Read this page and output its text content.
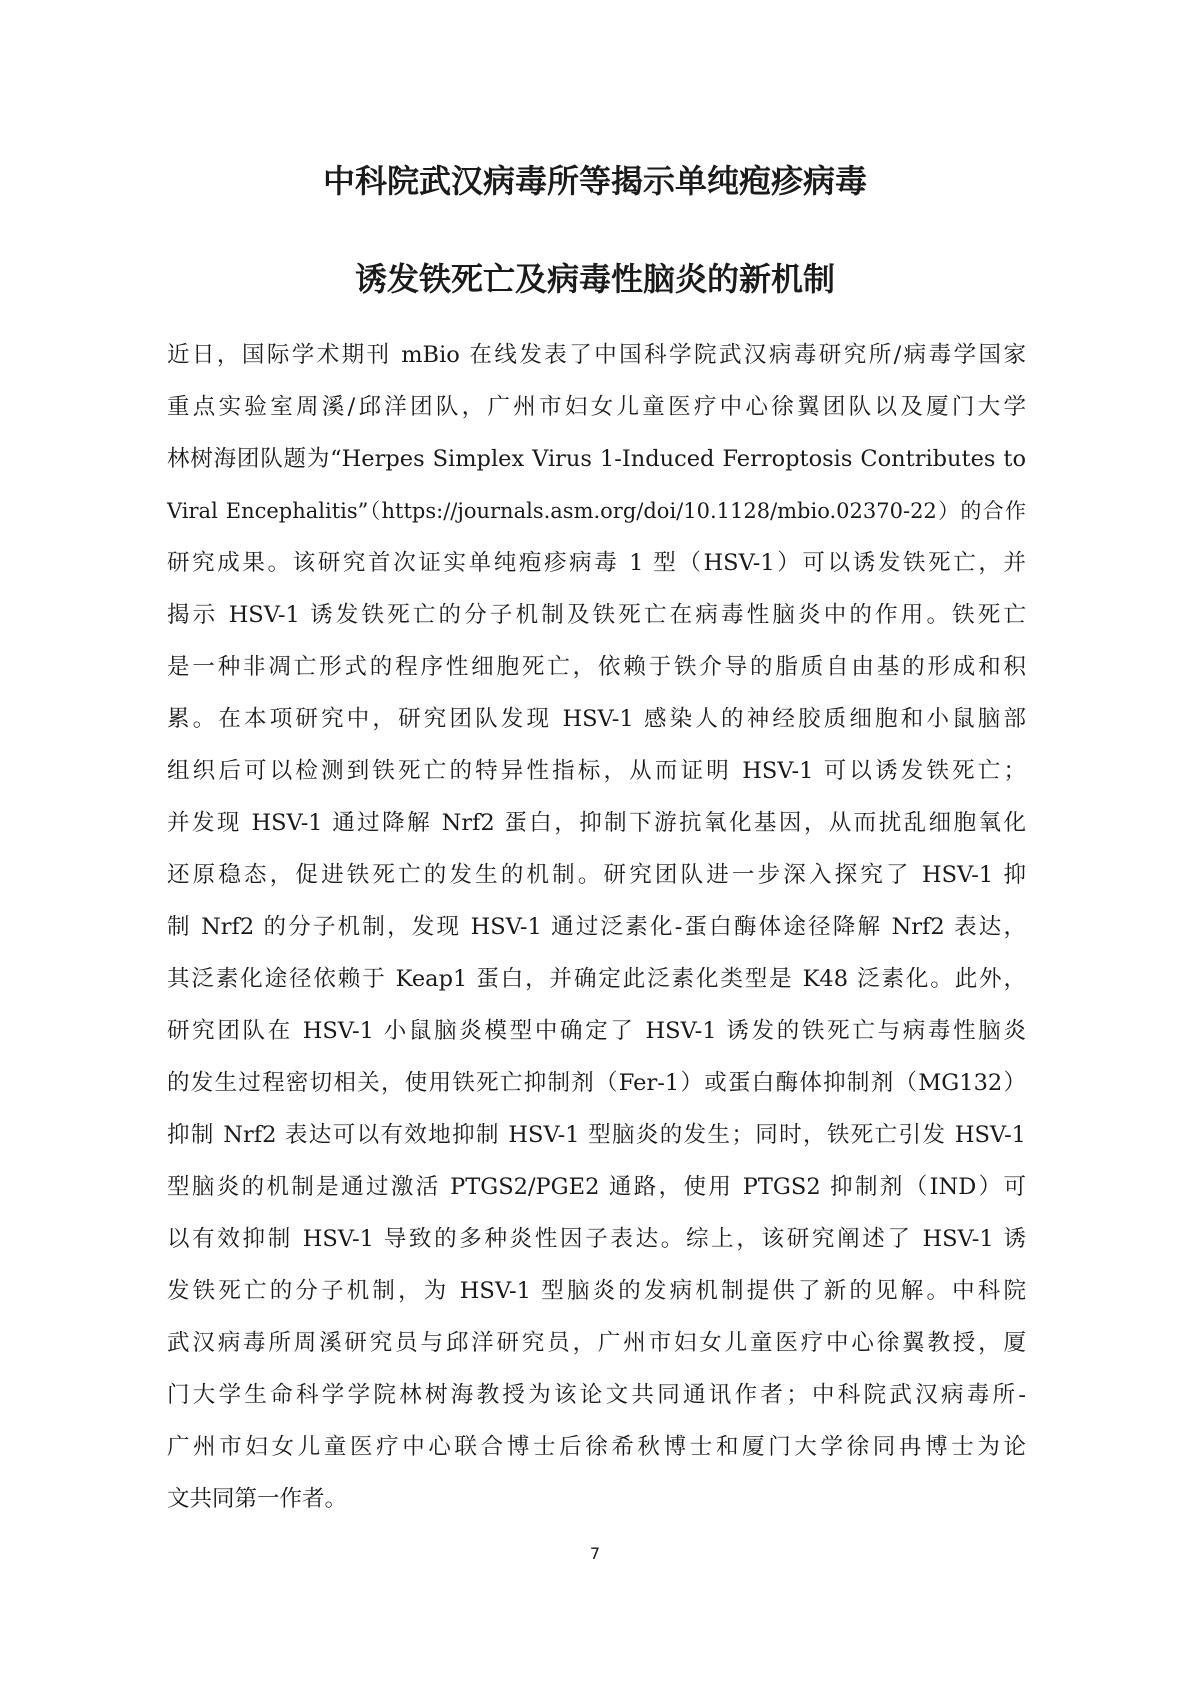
中科院武汉病毒所等揭示单纯疱疹病毒
诱发铁死亡及病毒性脑炎的新机制

近日，国际学术期刊 mBio 在线发表了中国科学院武汉病毒研究所/病毒学国家

重点实验室周溪/邱洋团队，广州市妇女儿童医疗中心徐翼团队以及厦门大学

林树海团队题为“Herpes Simplex Virus 1-Induced Ferroptosis Contributes to

Viral Encephalitis”（https://journals.asm.org/doi/10.1128/mbio.02370-22）的合作

研究成果。该研究首次证实单纯疱疹病毒 1 型（HSV-1）可以诱发铁死亡，并

揭示 HSV-1 诱发铁死亡的分子机制及铁死亡在病毒性脑炎中的作用。铁死亡

是一种非凋亡形式的程序性细胞死亡，依赖于铁介导的脂质自由基的形成和积

累。在本项研究中，研究团队发现 HSV-1 感染人的神经胶质细胞和小鼠脑部

组织后可以检测到铁死亡的特异性指标，从而证明 HSV-1 可以诱发铁死亡；

并发现 HSV-1 通过降解 Nrf2 蛋白，抑制下游抗氧化基因，从而扰乱细胞氧化

还原稳态，促进铁死亡的发生的机制。研究团队进一步深入探究了 HSV-1 抑

制 Nrf2 的分子机制，发现 HSV-1 通过泛素化-蛋白酶体途径降解 Nrf2 表达，

其泛素化途径依赖于 Keap1 蛋白，并确定此泛素化类型是 K48 泛素化。此外，

研究团队在 HSV-1 小鼠脑炎模型中确定了 HSV-1 诱发的铁死亡与病毒性脑炎

的发生过程密切相关，使用铁死亡抑制剂（Fer-1）或蛋白酶体抑制剂（MG132）

抑制 Nrf2 表达可以有效地抑制 HSV-1 型脑炎的发生；同时，铁死亡引发 HSV-1

型脑炎的机制是通过激活 PTGS2/PGE2 通路，使用 PTGS2 抑制剂（IND）可

以有效抑制 HSV-1 导致的多种炎性因子表达。综上，该研究阐述了 HSV-1 诱

发铁死亡的分子机制，为 HSV-1 型脑炎的发病机制提供了新的见解。中科院

武汉病毒所周溪研究员与邱洋研究员，广州市妇女儿童医疗中心徐翼教授，厦

门大学生命科学学院林树海教授为该论文共同通讯作者；中科院武汉病毒所-

广州市妇女儿童医疗中心联合博士后徐希秋博士和厦门大学徐同冉博士为论

文共同第一作者。

7
